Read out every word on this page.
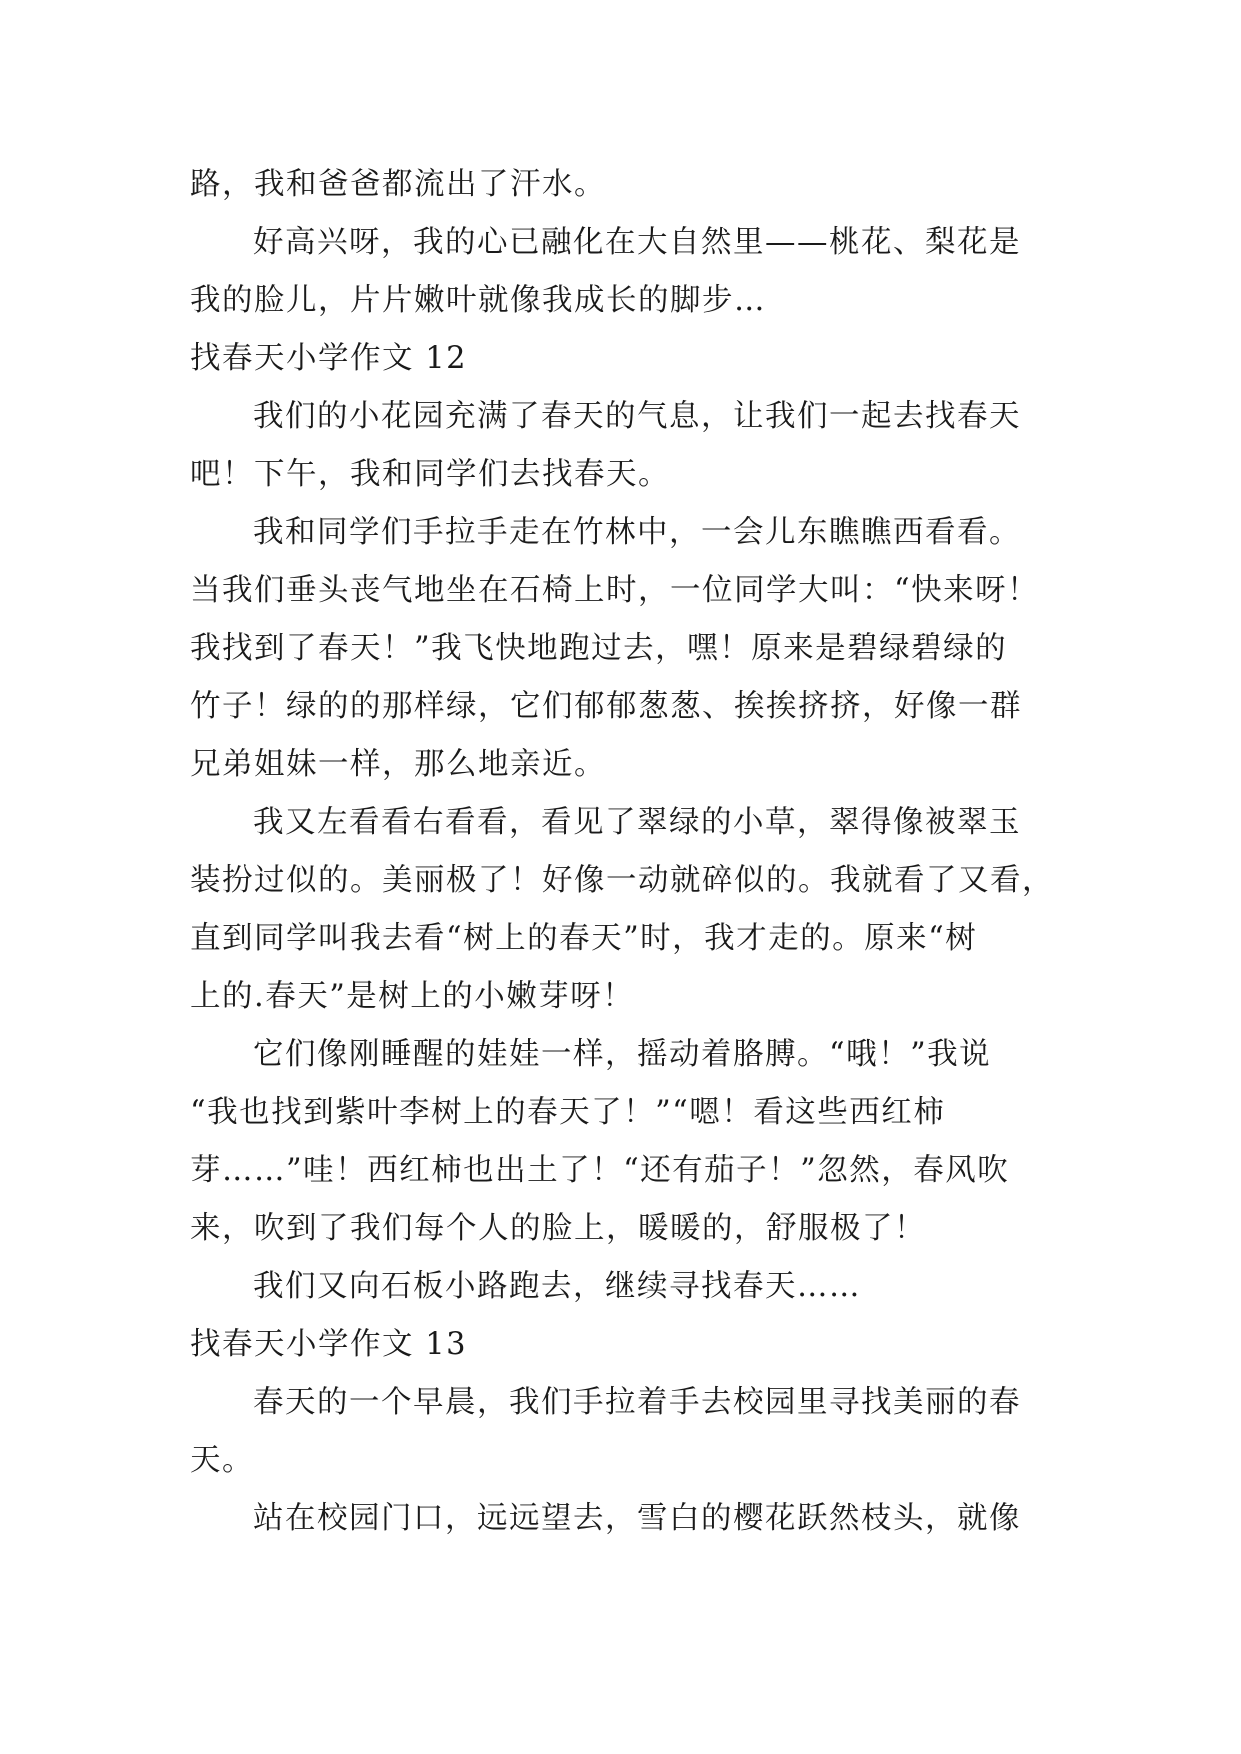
路，我和爸爸都流出了汗水。
好高兴呀，我的心已融化在大自然里——桃花、梨花是
我的脸儿，片片嫩叶就像我成长的脚步…
找春天小学作文 12
我们的小花园充满了春天的气息，让我们一起去找春天
吧！下午，我和同学们去找春天。
我和同学们手拉手走在竹林中，一会儿东瞧瞧西看看。
当我们垂头丧气地坐在石椅上时，一位同学大叫：“快来呀！
我找到了春天！”我飞快地跑过去，嘿！原来是碧绿碧绿的
竹子！绿的的那样绿，它们郁郁葱葱、挨挨挤挤，好像一群
兄弟姐妹一样，那么地亲近。
我又左看看右看看，看见了翠绿的小草，翠得像被翠玉
装扮过似的。美丽极了！好像一动就碎似的。我就看了又看，
直到同学叫我去看“树上的春天”时，我才走的。原来“树
上的.春天”是树上的小嫩芽呀！
它们像刚睡醒的娃娃一样，摇动着胳膊。“哦！”我说
“我也找到紫叶李树上的春天了！”“嗯！看这些西红柿
芽……”哇！西红柿也出土了！“还有茄子！”忽然，春风吹
来，吹到了我们每个人的脸上，暖暖的，舒服极了！
我们又向石板小路跑去，继续寻找春天……
找春天小学作文 13
春天的一个早晨，我们手拉着手去校园里寻找美丽的春
天。
站在校园门口，远远望去，雪白的樱花跃然枝头，就像
